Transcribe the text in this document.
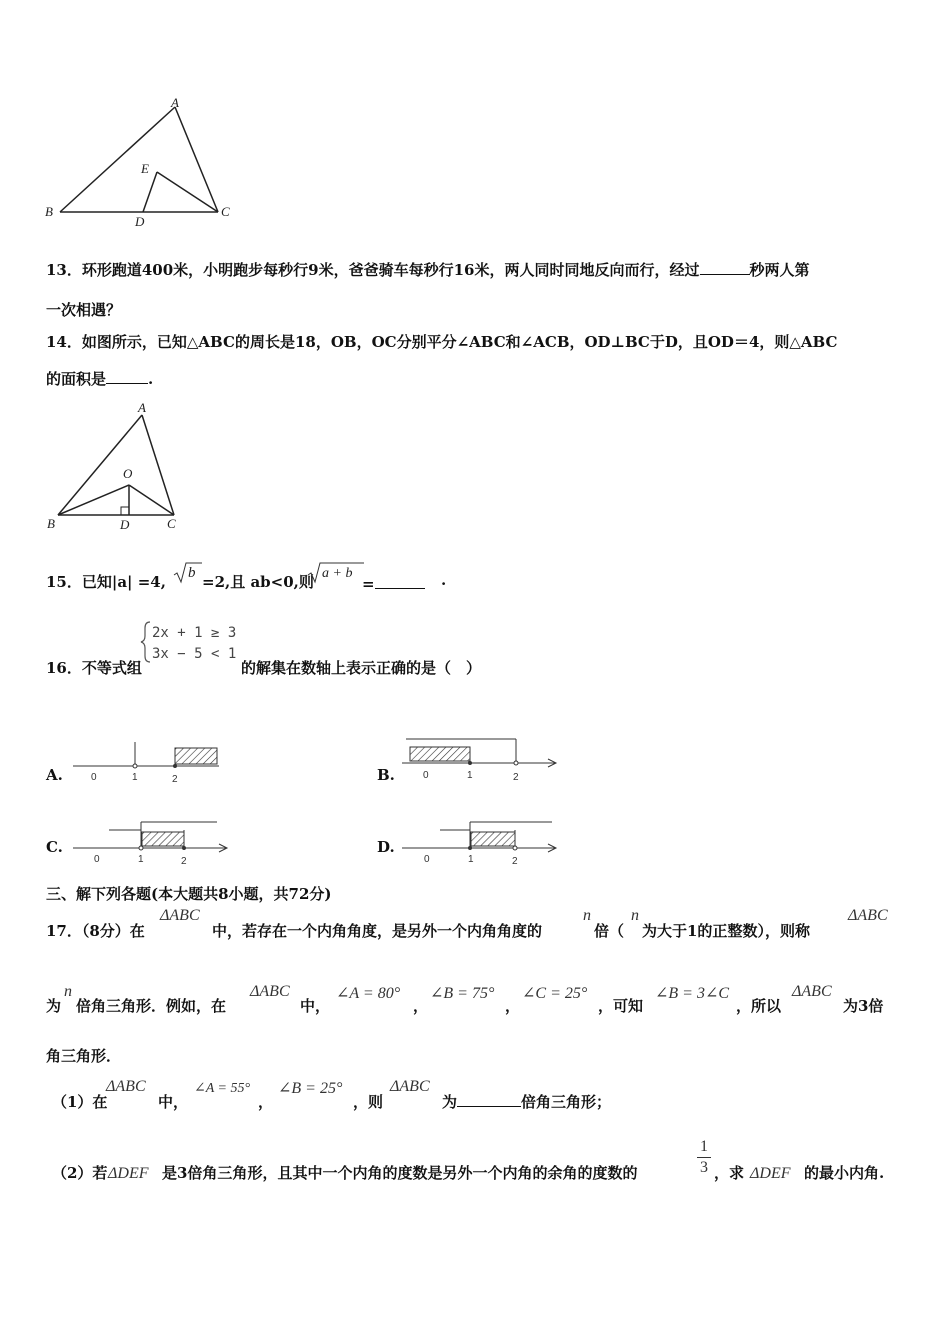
A
B	C
D
E
13．环形跑道400米，小明跑步每秒行9米，爸爸骑车每秒行16米，两人同时同地反向而行，经过	秒两人第
一次相遇？
14．如图所示，已知△ABC的周长是18，OB，OC分别平分∠ABC和∠ACB，OD⊥BC于D，且OD＝4，则△ABC
的面积是	.
A
O
B	D	C
15．已知|a| =4, b =2,且 ab<0,则 a + b
=	·
2x + 1 ≥ 3
3x − 5 < 1
16．不等式组	的解集在数轴上表示正确的是（　）
A.	0	1	2	B.	0	1	2
C.
0	1	2
D.
0	1	2
三、解下列各题(本大题共8小题，共72分)
17．（8分）在
ΔABC
中，若存在一个内角角度，是另外一个内角角度的
n
倍（
n
为大于1的正整数），则称
ΔABC
为
n
倍角三角形．例如，在
ΔABC
中，
∠A = 80°
，
∠B = 75°
，
∠C = 25°
，可知
∠B = 3∠C
，所以
ΔABC
为3倍
角三角形．
（1）在
ΔABC
中，
∠A = 55°
，
∠B = 25°
，则
ΔABC
为	倍角三角形；
（2）若 ΔDEF 是3倍角三角形，且其中一个内角的度数是另外一个内角的余角的度数的
1
3 ，求 ΔDEF 的最小内角.
